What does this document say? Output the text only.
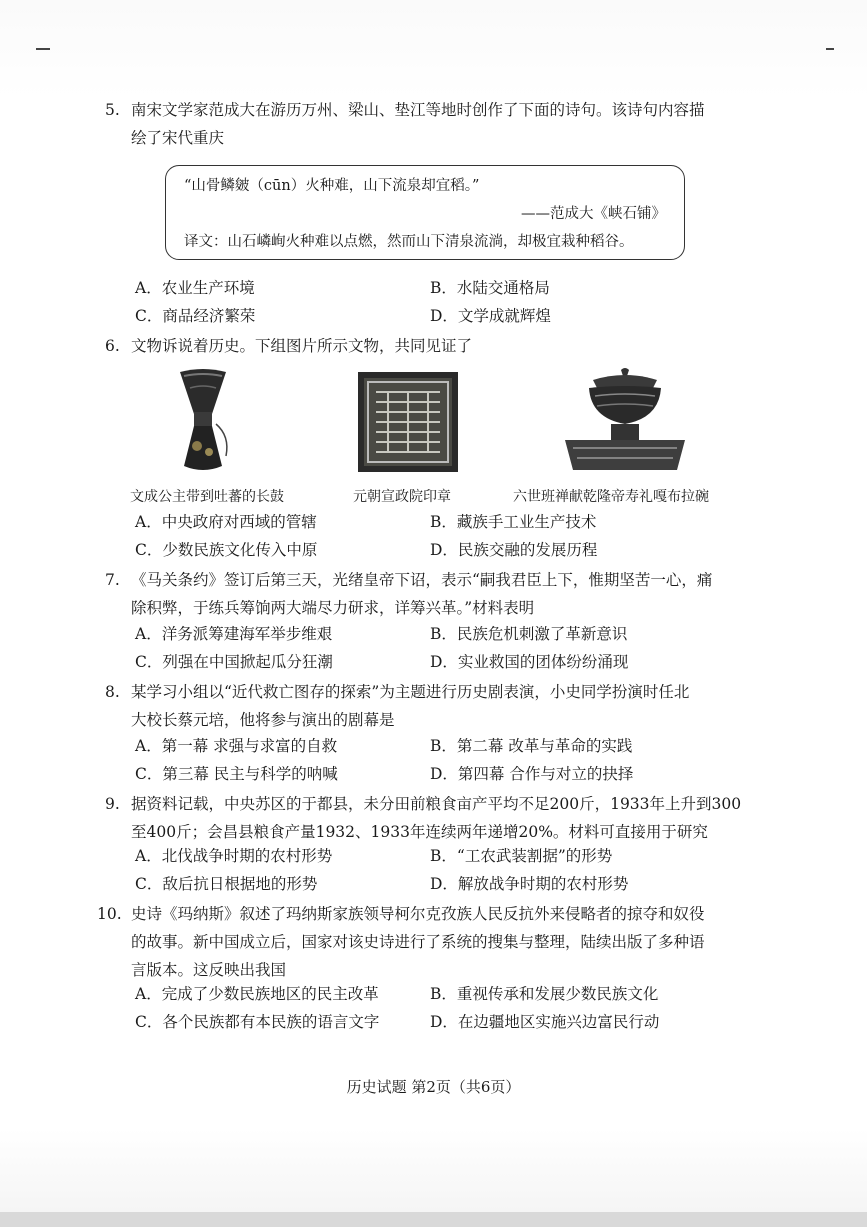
5. 南宋文学家范成大在游历万州、梁山、垫江等地时创作了下面的诗句。该诗句内容描
绘了宋代重庆
“山骨鳞皴（cūn）火种难，山下流泉却宜稻。”
——范成大《峡石铺》
译文：山石嶙峋火种难以点燃，然而山下清泉流淌，却极宜栽种稻谷。
A．农业生产环境	B．水陆交通格局
C．商品经济繁荣	D．文学成就辉煌
6. 文物诉说着历史。下组图片所示文物，共同见证了
文成公主带到吐蕃的长鼓	元朝宣政院印章	六世班禅献乾隆帝寿礼嘎布拉碗
A．中央政府对西域的管辖	B．藏族手工业生产技术
C．少数民族文化传入中原	D．民族交融的发展历程
7. 《马关条约》签订后第三天，光绪皇帝下诏，表示“嗣我君臣上下，惟期坚苦一心，痛
除积弊，于练兵筹饷两大端尽力研求，详筹兴革。”材料表明
A．洋务派筹建海军举步维艰	B．民族危机刺激了革新意识
C．列强在中国掀起瓜分狂潮	D．实业救国的团体纷纷涌现
8. 某学习小组以“近代救亡图存的探索”为主题进行历史剧表演，小史同学扮演时任北
大校长蔡元培，他将参与演出的剧幕是
A．第一幕 求强与求富的自救	B．第二幕 改革与革命的实践
C．第三幕 民主与科学的呐喊	D．第四幕 合作与对立的抉择
9. 据资料记载，中央苏区的于都县，未分田前粮食亩产平均不足200斤，1933年上升到300
至400斤；会昌县粮食产量1932、1933年连续两年递增20%。材料可直接用于研究
A．北伐战争时期的农村形势	B．“工农武装割据”的形势
C．敌后抗日根据地的形势	D．解放战争时期的农村形势
10. 史诗《玛纳斯》叙述了玛纳斯家族领导柯尔克孜族人民反抗外来侵略者的掠夺和奴役
的故事。新中国成立后，国家对该史诗进行了系统的搜集与整理，陆续出版了多种语
言版本。这反映出我国
A．完成了少数民族地区的民主改革	B．重视传承和发展少数民族文化
C．各个民族都有本民族的语言文字	D．在边疆地区实施兴边富民行动
历史试题 第2页（共6页）
